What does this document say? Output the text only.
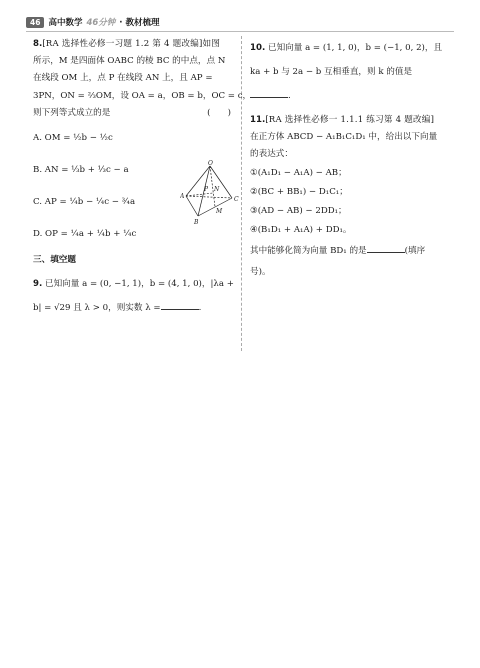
46 高中数学 46分钟 · 教材梳理
8.[RA 选择性必修一习题 1.2 第 4 题改编]如图
所示，M 是四面体 OABC 的棱 BC 的中点，点 N
在线段 OM 上，点 P 在线段 AN 上，且 AP =
3PN，ON = ⅔OM，设 OA = a，OB = b，OC = c，
则下列等式成立的是	(　　)
A. OM = ½b − ½c
B. AN = ⅓b + ⅓c − a
C. AP = ¼b − ¼c − ¾a
D. OP = ¼a + ¼b + ¼c
O
A
B
C
M
N
P
三、填空题
9. 已知向量 a = (0, −1, 1)，b = (4, 1, 0)，|λa +
b| = √29 且 λ > 0，则实数 λ =	.
10. 已知向量 a = (1, 1, 0)，b = (−1, 0, 2)，且
ka + b 与 2a − b 互相垂直，则 k 的值是
.
11.[RA 选择性必修一 1.1.1 练习第 4 题改编]
在正方体 ABCD − A₁B₁C₁D₁ 中，给出以下向量
的表达式：
①(A₁D₁ − A₁A) − AB；
②(BC + BB₁) − D₁C₁；
③(AD − AB) − 2DD₁；
④(B₁D₁ + A₁A) + DD₁。
其中能够化简为向量 BD₁ 的是	(填序
号)。
